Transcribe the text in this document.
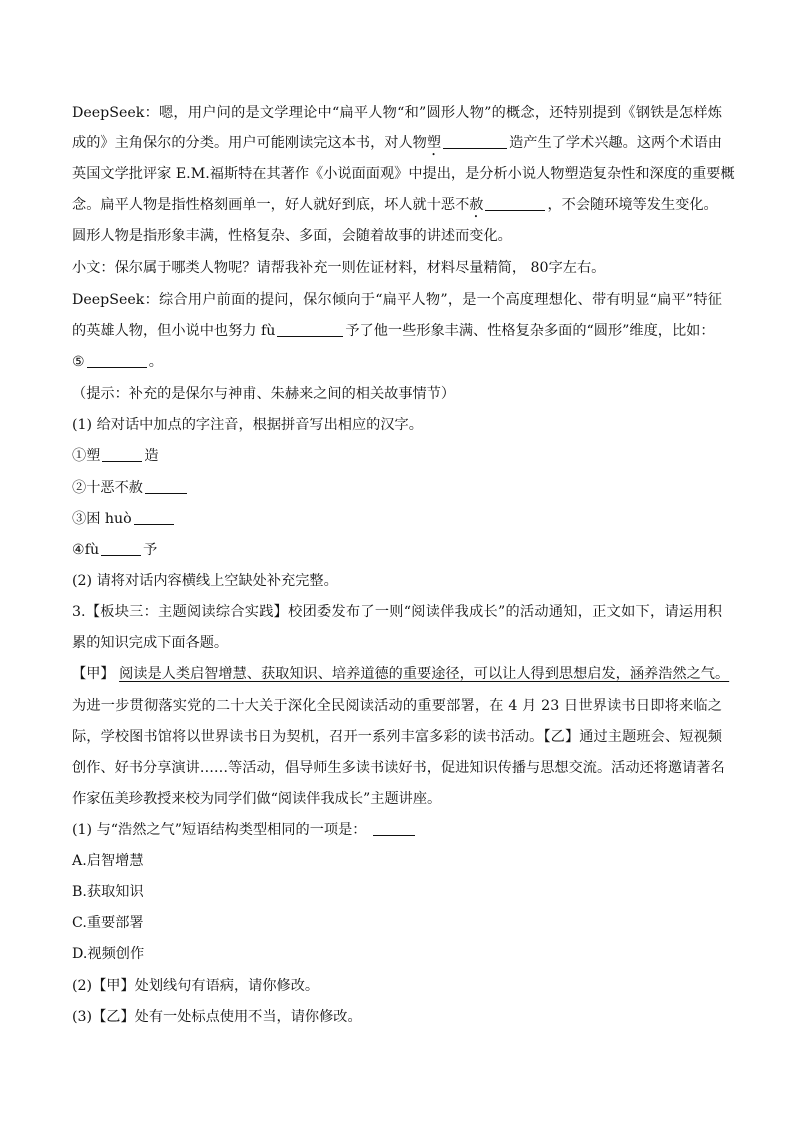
DeepSeek：嗯，用户问的是文学理论中“扁平人物“和”圆形人物”的概念，还特别提到《钢铁是怎样炼

成的》主角保尔的分类。用户可能刚读完这本书，对人物塑	造产生了学术兴趣。这两个术语由

英国文学批评家 E.M.福斯特在其著作《小说面面观》中提出，是分析小说人物塑造复杂性和深度的重要概

念。扁平人物是指性格刻画单一，好人就好到底，坏人就十恶不赦	，不会随环境等发生变化。

圆形人物是指形象丰满，性格复杂、多面，会随着故事的讲述而变化。

小文：保尔属于哪类人物呢？请帮我补充一则佐证材料，材料尽量精简， 80字左右。

DeepSeek：综合用户前面的提问，保尔倾向于“扁平人物”，是一个高度理想化、带有明显“扁平”特征

的英雄人物，但小说中也努力 fù	予了他一些形象丰满、性格复杂多面的“圆形”维度，比如：

⑤	。

（提示：补充的是保尔与神甫、朱赫来之间的相关故事情节）

(1) 给对话中加点的字注音，根据拼音写出相应的汉字。

①塑	造

②十恶不赦

③困 huò

④fù	予

(2) 请将对话内容横线上空缺处补充完整。

3.【板块三：主题阅读综合实践】校团委发布了一则“阅读伴我成长”的活动通知，正文如下，请运用积

累的知识完成下面各题。

【甲】 阅读是人类启智增慧、获取知识、培养道德的重要途径，可以让人得到思想启发，涵养浩然之气。

为进一步贯彻落实党的二十大关于深化全民阅读活动的重要部署，在 4 月 23 日世界读书日即将来临之

际，学校图书馆将以世界读书日为契机，召开一系列丰富多彩的读书活动。【乙】通过主题班会、短视频

创作、好书分享演讲……等活动，倡导师生多读书读好书，促进知识传播与思想交流。活动还将邀请著名

作家伍美珍教授来校为同学们做“阅读伴我成长”主题讲座。

(1) 与“浩然之气”短语结构类型相同的一项是：

A.启智增慧

B.获取知识

C.重要部署

D.视频创作

(2)【甲】处划线句有语病，请你修改。

(3)【乙】处有一处标点使用不当，请你修改。
